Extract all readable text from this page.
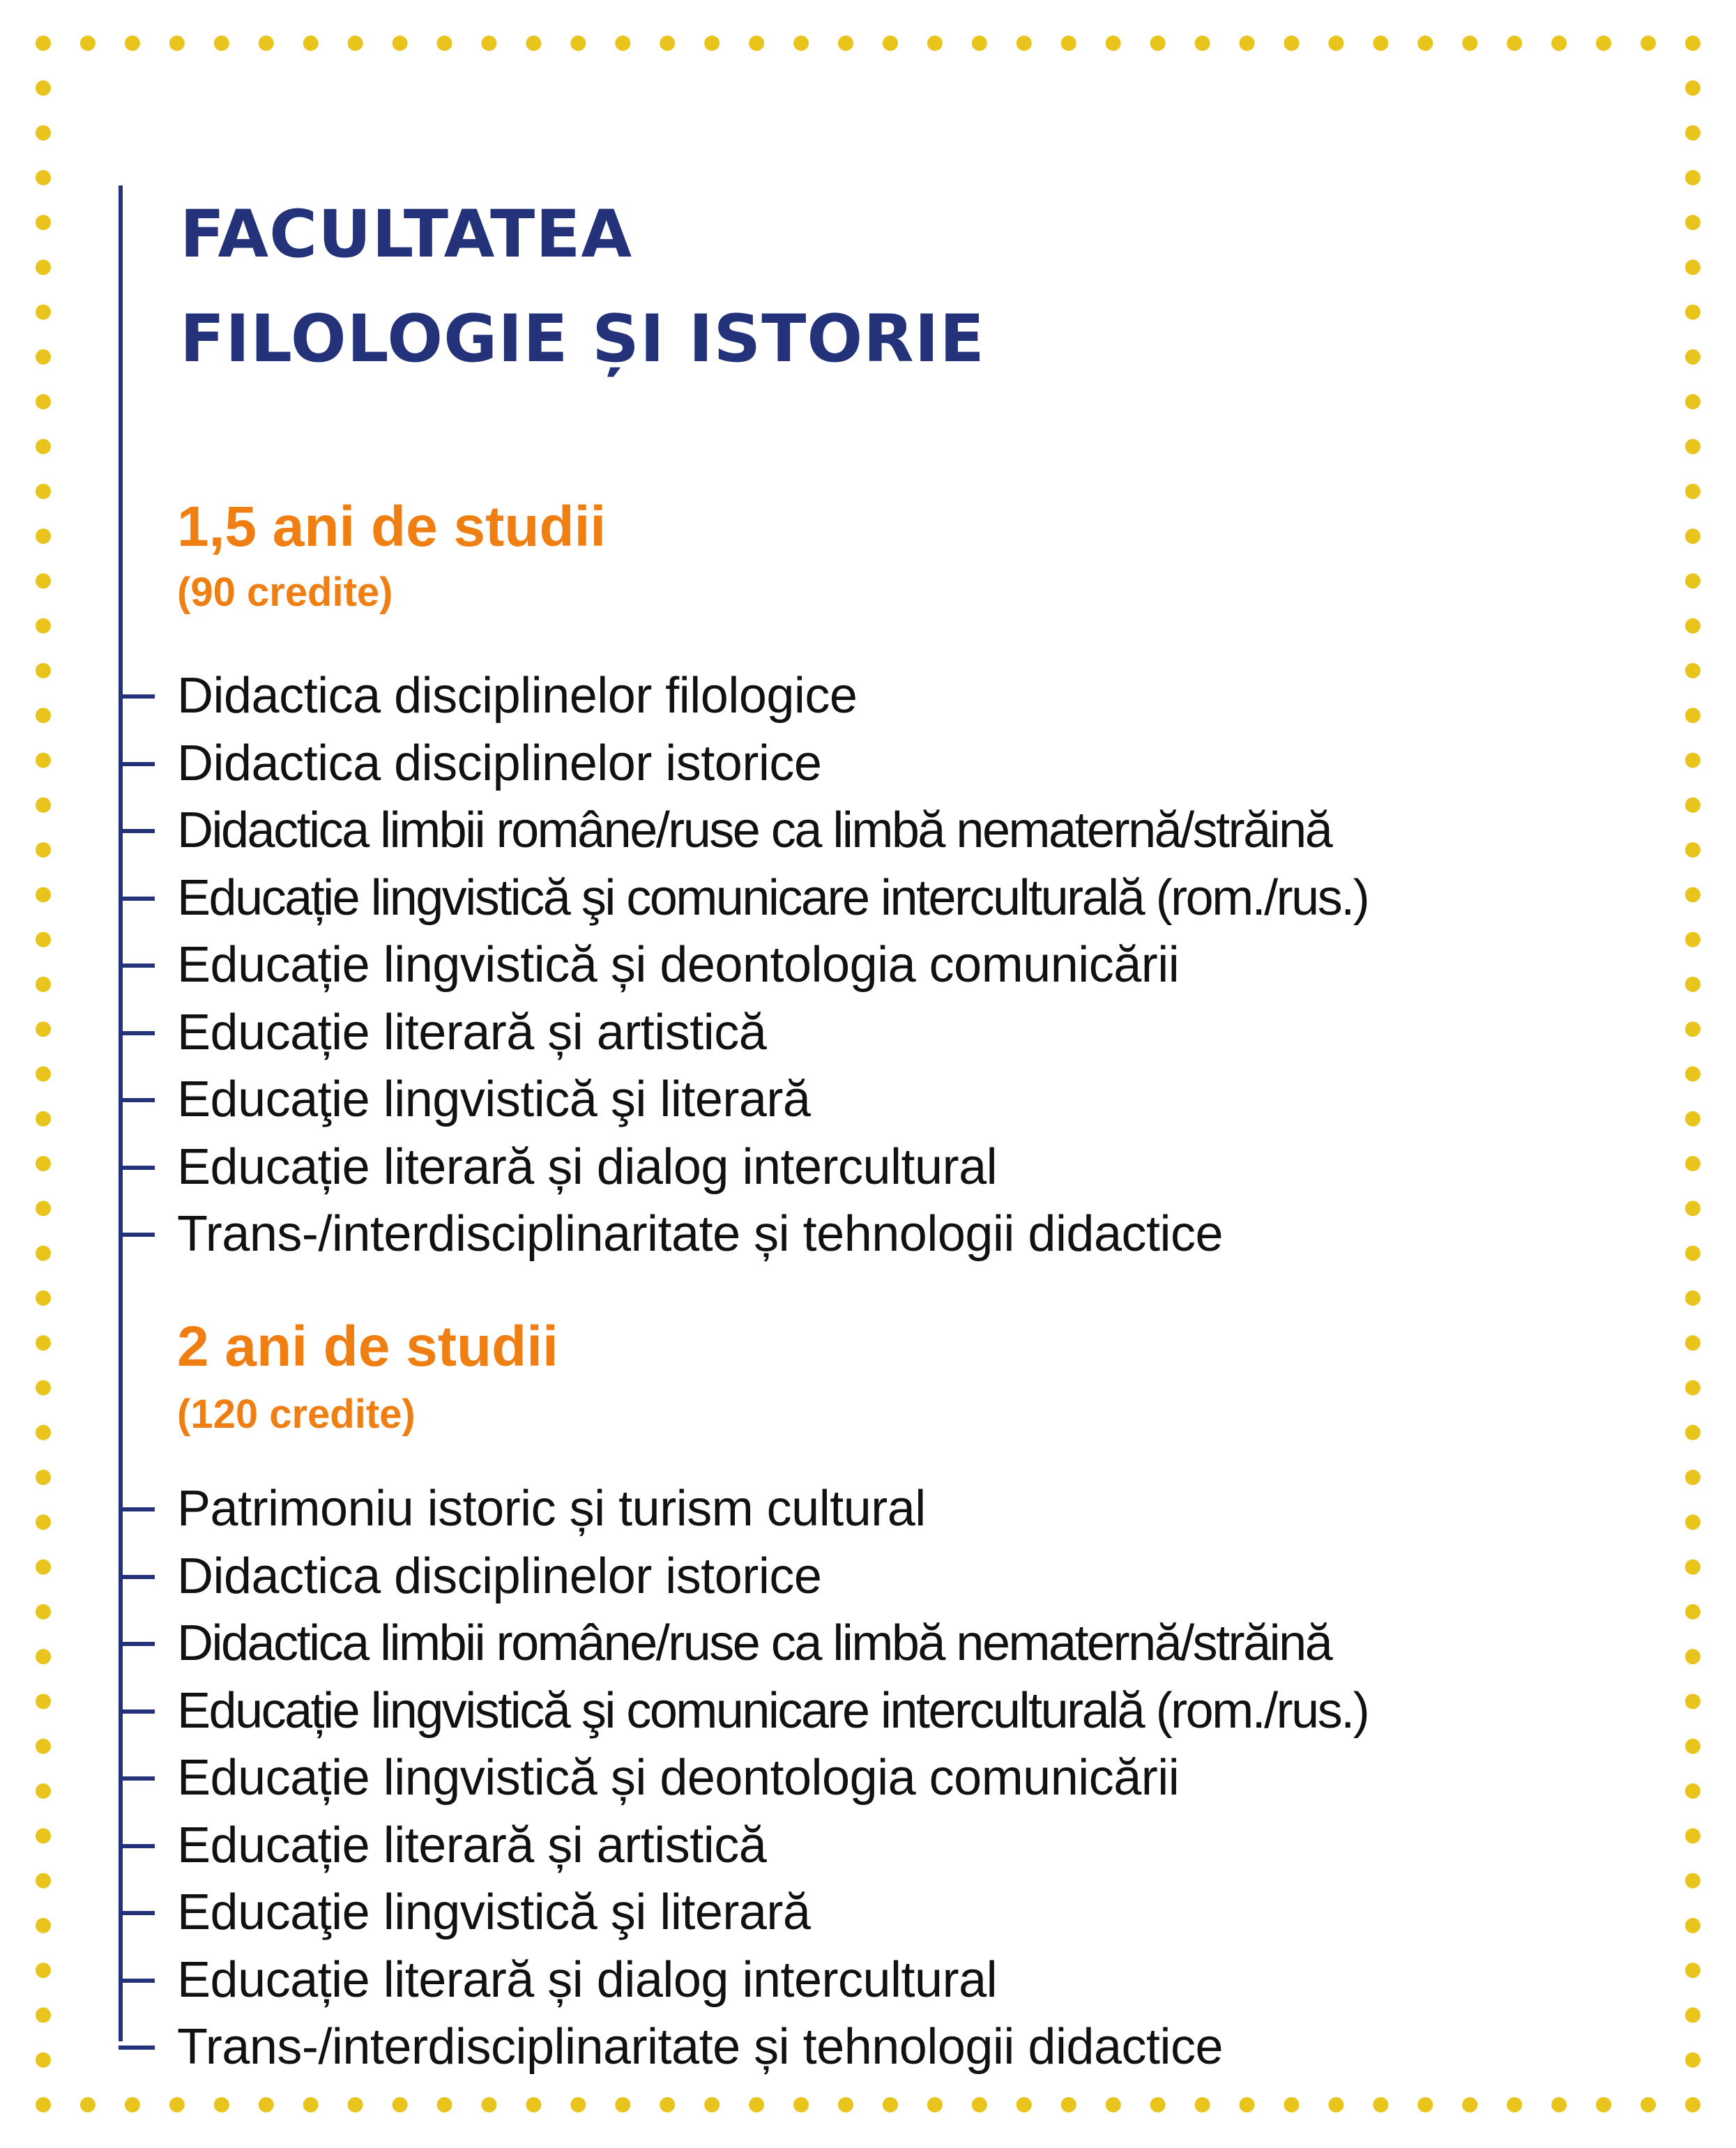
FACULTATEA
FILOLOGIE ȘI ISTORIE
1,5 ani de studii
(90 credite)
Didactica disciplinelor filologice
Didactica disciplinelor istorice
Didactica limbii române/ruse ca limbă nematernă/străină
Educație lingvistică şi comunicare interculturală (rom./rus.)
Educație lingvistică și deontologia comunicării
Educație literară și artistică
Educaţie lingvistică şi literară
Educație literară și dialog intercultural
Trans-/interdisciplinaritate și tehnologii didactice
2 ani de studii
(120 credite)
Patrimoniu istoric și turism cultural
Didactica disciplinelor istorice
Didactica limbii române/ruse ca limbă nematernă/străină
Educație lingvistică şi comunicare interculturală (rom./rus.)
Educație lingvistică și deontologia comunicării
Educație literară și artistică
Educaţie lingvistică şi literară
Educație literară și dialog intercultural
Trans-/interdisciplinaritate și tehnologii didactice
